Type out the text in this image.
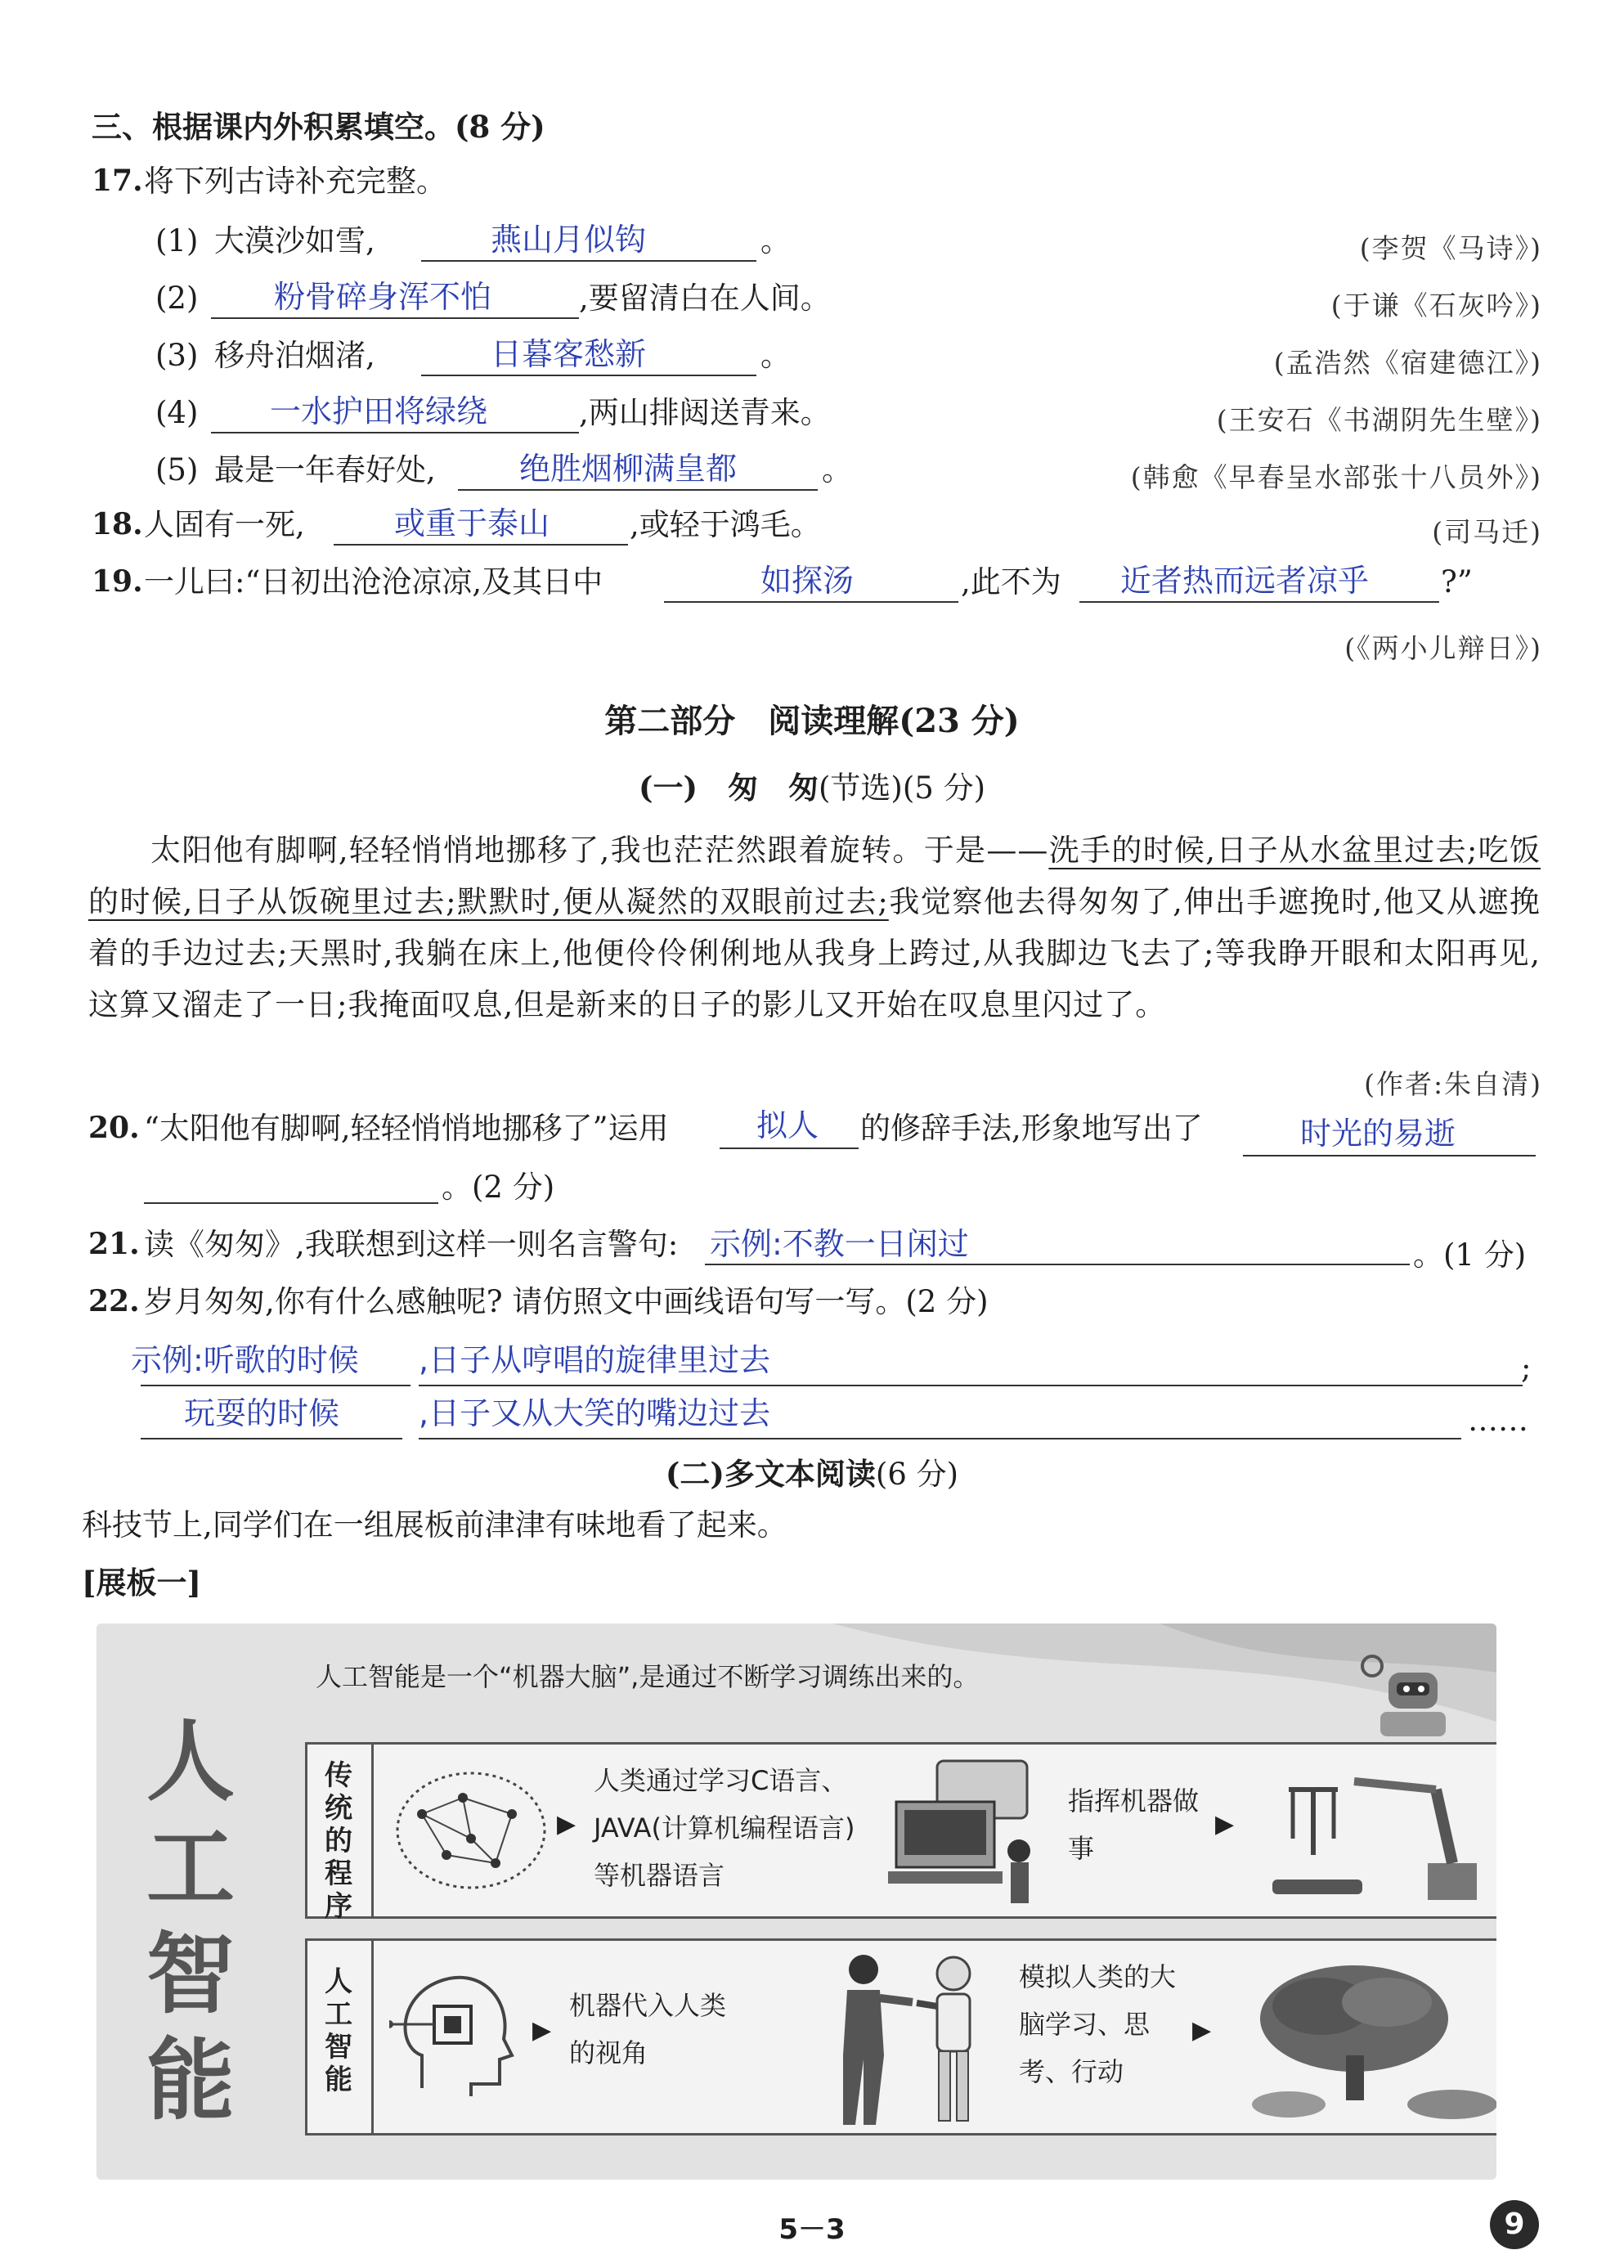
三、根据课内外积累填空。(8 分)
17. 将下列古诗补充完整。
(1) 大漠沙如雪,	燕山月似钩	。	(李贺《马诗》)
(2) 粉骨碎身浑不怕	,要留清白在人间。	(于谦《石灰吟》)
(3) 移舟泊烟渚,	日暮客愁新	。	(孟浩然《宿建德江》)
(4) 一水护田将绿绕	,两山排闼送青来。	(王安石《书湖阴先生壁》)
(5) 最是一年春好处,	绝胜烟柳满皇都	。	(韩愈《早春呈水部张十八员外》)
18. 人固有一死,	或重于泰山	,或轻于鸿毛。	(司马迁)
19. 一儿曰:“日初出沧沧凉凉,及其日中	如探汤	,此不为 近者热而远者凉乎 ?”
(《两小儿辩日》)
第二部分　阅读理解(23 分)
(一)　匆　匆(节选)(5 分)
太阳他有脚啊,轻轻悄悄地挪移了,我也茫茫然跟着旋转。于是——洗手的时候,日子从水盆里过去;吃饭的时候,日子从饭碗里过去;默默时,便从凝然的双眼前过去;我觉察他去得匆匆了,伸出手遮挽时,他又从遮挽着的手边过去;天黑时,我躺在床上,他便伶伶俐俐地从我身上跨过,从我脚边飞去了;等我睁开眼和太阳再见,这算又溜走了一日;我掩面叹息,但是新来的日子的影儿又开始在叹息里闪过了。
(作者:朱自清)
20. “太阳他有脚啊,轻轻悄悄地挪移了”运用	拟人 的修辞手法,形象地写出了	时光的易逝
。(2 分)
21. 读《匆匆》,我联想到这样一则名言警句: 示例:不教一日闲过	。(1 分)
22. 岁月匆匆,你有什么感触呢? 请仿照文中画线语句写一写。(2 分)
示例:听歌的时候 ,日子从哼唱的旋律里过去	;
玩耍的时候	,日子又从大笑的嘴边过去	……
(二)多文本阅读(6 分)
科技节上,同学们在一组展板前津津有味地看了起来。
[展板一]
人工智能是一个“机器大脑”,是通过不断学习调练出来的。
人
工
智
能
传统的程序
▶
人类通过学习C语言、JAVA(计算机编程语言)等机器语言
指挥机器做事
▶
人工智能
▶
机器代入人类的视角
模拟人类的大脑学习、思考、行动
▶
5－3	9
